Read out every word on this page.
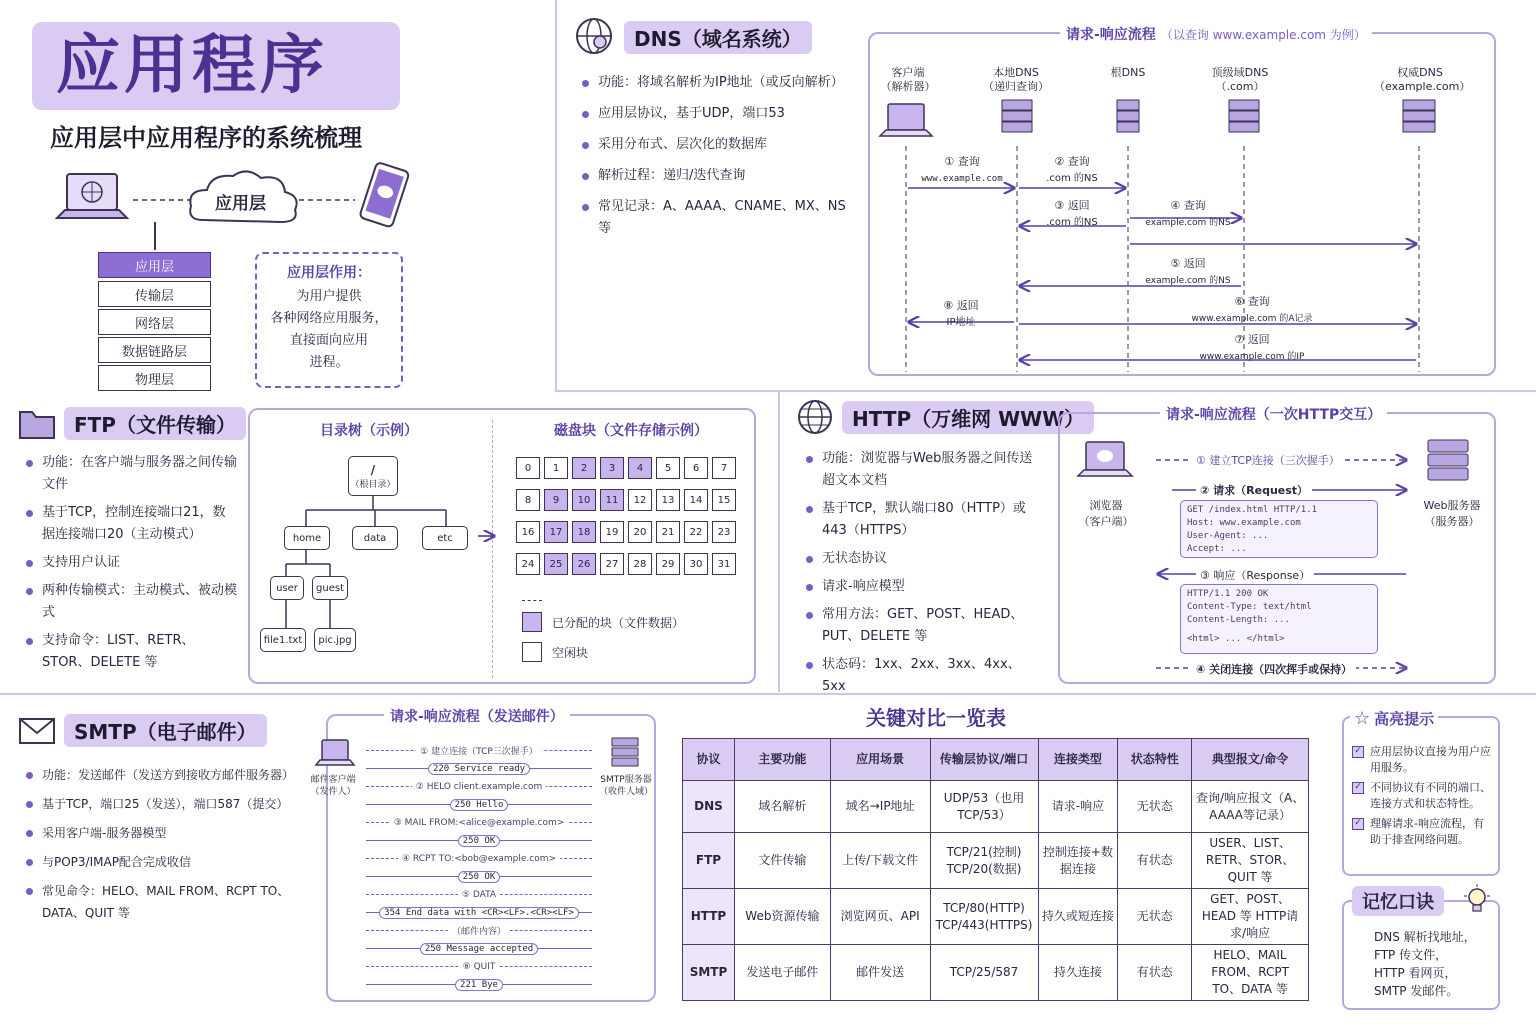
应用程序
应用层中应用程序的系统梳理
应用层
应用层
传输层
网络层
数据链路层
物理层
应用层作用：
为用户提供
各种网络应用服务，
直接面向应用
进程。
DNS（域名系统）
功能：将域名解析为IP地址（或反向解析）
应用层协议，基于UDP，端口53
采用分布式、层次化的数据库
解析过程：递归/迭代查询
常见记录：A、AAAA、CNAME、MX、NS 等
请求-响应流程 （以查询 www.example.com 为例）
客户端
（解析器）
本地DNS
（递归查询）
根DNS	顶级域DNS
（.com）
权威DNS
（example.com）
① 查询
www.example.com
② 查询
.com 的NS
③ 返回
.com 的NS
④ 查询
example.com 的NS
⑤ 返回
example.com 的NS
⑥ 查询
www.example.com 的A记录
⑦ 返回
www.example.com 的IP
⑧ 返回
IP地址
FTP（文件传输）
功能：在客户端与服务器之间传输文件
基于TCP，控制连接端口21，数据连接端口20（主动模式）
支持用户认证
两种传输模式：主动模式、被动模式
支持命令：LIST、RETR、STOR、DELETE 等
目录树（示例）	磁盘块（文件存储示例）
/
（根目录）
home	data	etc
user	guest
file1.txt	pic.jpg
0	1	2	3	4	5	6	7
8	9	10	11	12	13	14	15
16	17	18	19	20	21	22	23
24	25	26	27	28	29	30	31
已分配的块（文件数据）
空闲块
HTTP（万维网 WWW）
功能：浏览器与Web服务器之间传送超文本文档
基于TCP，默认端口80（HTTP）或 443（HTTPS）
无状态协议
请求-响应模型
常用方法：GET、POST、HEAD、PUT、DELETE 等
状态码：1xx、2xx、3xx、4xx、5xx
请求-响应流程（一次HTTP交互）
浏览器
（客户端）
Web服务器
（服务器）
① 建立TCP连接（三次握手）
② 请求（Request）
GET /index.html HTTP/1.1
Host: www.example.com
User-Agent: ...
Accept: ...
③ 响应（Response）
HTTP/1.1 200 OK
Content-Type: text/html
Content-Length: ...
<html> ... </html>
④ 关闭连接（四次挥手或保持）
SMTP（电子邮件）
功能：发送邮件（发送方到接收方邮件服务器）
基于TCP，端口25（发送），端口587（提交）
采用客户端-服务器模型
与POP3/IMAP配合完成收信
常见命令：HELO、MAIL FROM、RCPT TO、DATA、QUIT 等
请求-响应流程（发送邮件）
邮件客户端
（发件人）
SMTP服务器
（收件人域）
① 建立连接（TCP三次握手）
220 Service ready
② HELO client.example.com
250 Hello
③ MAIL FROM:<alice@example.com>
250 OK
④ RCPT TO:<bob@example.com>
250 OK
⑤ DATA
354 End data with <CR><LF>.<CR><LF>
（邮件内容）
250 Message accepted
⑥ QUIT
221 Bye
关键对比一览表
协议	主要功能	应用场景	传输层协议/端口	连接类型	状态特性	典型报文/命令
DNS	域名解析	域名→IP地址	UDP/53（也用TCP/53）	请求-响应	无状态	查询/响应报文（A、AAAA等记录）
FTP	文件传输	上传/下载文件	TCP/21(控制) TCP/20(数据)	控制连接+数据连接	有状态	USER、LIST、RETR、STOR、QUIT 等
HTTP	Web资源传输	浏览网页、API	TCP/80(HTTP) TCP/443(HTTPS)	持久或短连接	无状态	GET、POST、HEAD 等 HTTP请求/响应
SMTP	发送电子邮件	邮件发送	TCP/25/587	持久连接	有状态	HELO、MAIL FROM、RCPT TO、DATA 等
☆ 高亮提示
✓ 应用层协议直接为用户应用服务。
✓ 不同协议有不同的端口、连接方式和状态特性。
✓ 理解请求-响应流程，有助于排查网络问题。
记忆口诀
DNS 解析找地址，
FTP 传文件，
HTTP 看网页，
SMTP 发邮件。
